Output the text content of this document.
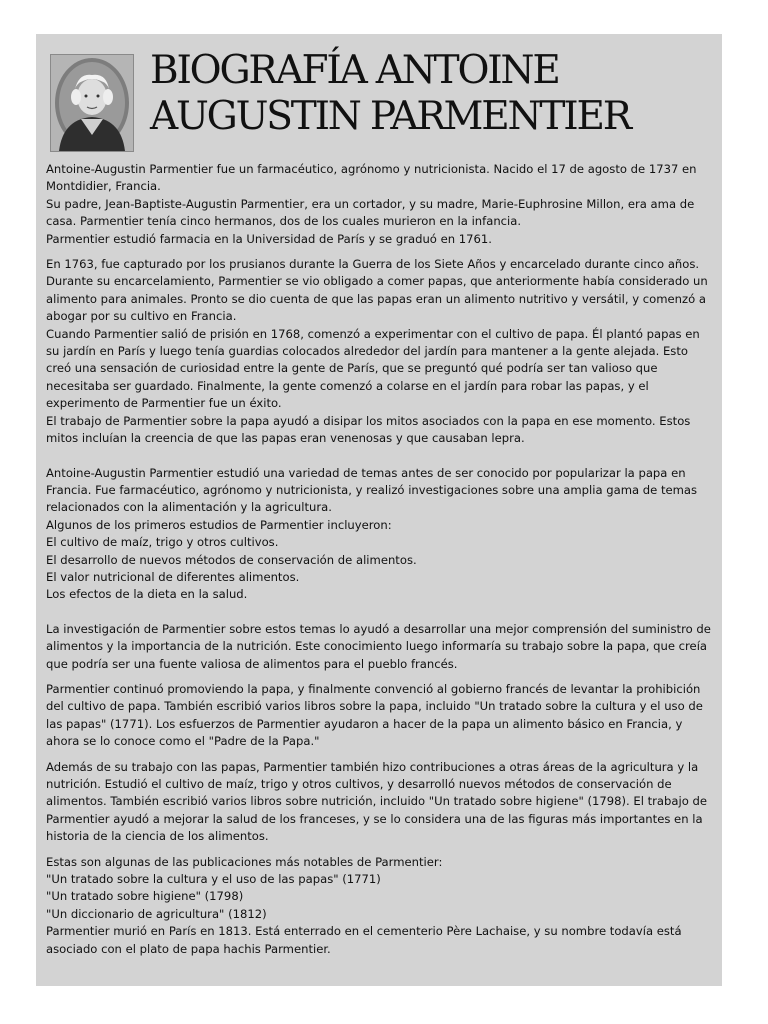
BIOGRAFÍA ANTOINE
AUGUSTIN PARMENTIER

Antoine-Augustin Parmentier fue un farmacéutico, agrónomo y nutricionista. Nacido el 17 de agosto de 1737 en Montdidier, Francia.

Su padre, Jean-Baptiste-Augustin Parmentier, era un cortador, y su madre, Marie-Euphrosine Millon, era ama de casa. Parmentier tenía cinco hermanos, dos de los cuales murieron en la infancia.

Parmentier estudió farmacia en la Universidad de París y se graduó en 1761.

En 1763, fue capturado por los prusianos durante la Guerra de los Siete Años y encarcelado durante cinco años. Durante su encarcelamiento, Parmentier se vio obligado a comer papas, que anteriormente había considerado un alimento para animales. Pronto se dio cuenta de que las papas eran un alimento nutritivo y versátil, y comenzó a abogar por su cultivo en Francia.

Cuando Parmentier salió de prisión en 1768, comenzó a experimentar con el cultivo de papa. Él plantó papas en su jardín en París y luego tenía guardias colocados alrededor del jardín para mantener a la gente alejada. Esto creó una sensación de curiosidad entre la gente de París, que se preguntó qué podría ser tan valioso que necesitaba ser guardado. Finalmente, la gente comenzó a colarse en el jardín para robar las papas, y el experimento de Parmentier fue un éxito.

El trabajo de Parmentier sobre la papa ayudó a disipar los mitos asociados con la papa en ese momento. Estos mitos incluían la creencia de que las papas eran venenosas y que causaban lepra.

Antoine-Augustin Parmentier estudió una variedad de temas antes de ser conocido por popularizar la papa en Francia. Fue farmacéutico, agrónomo y nutricionista, y realizó investigaciones sobre una amplia gama de temas relacionados con la alimentación y la agricultura.

Algunos de los primeros estudios de Parmentier incluyeron:

El cultivo de maíz, trigo y otros cultivos.

El desarrollo de nuevos métodos de conservación de alimentos.

El valor nutricional de diferentes alimentos.

Los efectos de la dieta en la salud.

La investigación de Parmentier sobre estos temas lo ayudó a desarrollar una mejor comprensión del suministro de alimentos y la importancia de la nutrición. Este conocimiento luego informaría su trabajo sobre la papa, que creía que podría ser una fuente valiosa de alimentos para el pueblo francés.

Parmentier continuó promoviendo la papa, y finalmente convenció al gobierno francés de levantar la prohibición del cultivo de papa. También escribió varios libros sobre la papa, incluido "Un tratado sobre la cultura y el uso de las papas" (1771). Los esfuerzos de Parmentier ayudaron a hacer de la papa un alimento básico en Francia, y ahora se lo conoce como el "Padre de la Papa."

Además de su trabajo con las papas, Parmentier también hizo contribuciones a otras áreas de la agricultura y la nutrición. Estudió el cultivo de maíz, trigo y otros cultivos, y desarrolló nuevos métodos de conservación de alimentos. También escribió varios libros sobre nutrición, incluido "Un tratado sobre higiene" (1798). El trabajo de Parmentier ayudó a mejorar la salud de los franceses, y se lo considera una de las figuras más importantes en la historia de la ciencia de los alimentos.

Estas son algunas de las publicaciones más notables de Parmentier:

"Un tratado sobre la cultura y el uso de las papas" (1771)

"Un tratado sobre higiene" (1798)

"Un diccionario de agricultura" (1812)

Parmentier murió en París en 1813. Está enterrado en el cementerio Père Lachaise, y su nombre todavía está asociado con el plato de papa hachis Parmentier.
